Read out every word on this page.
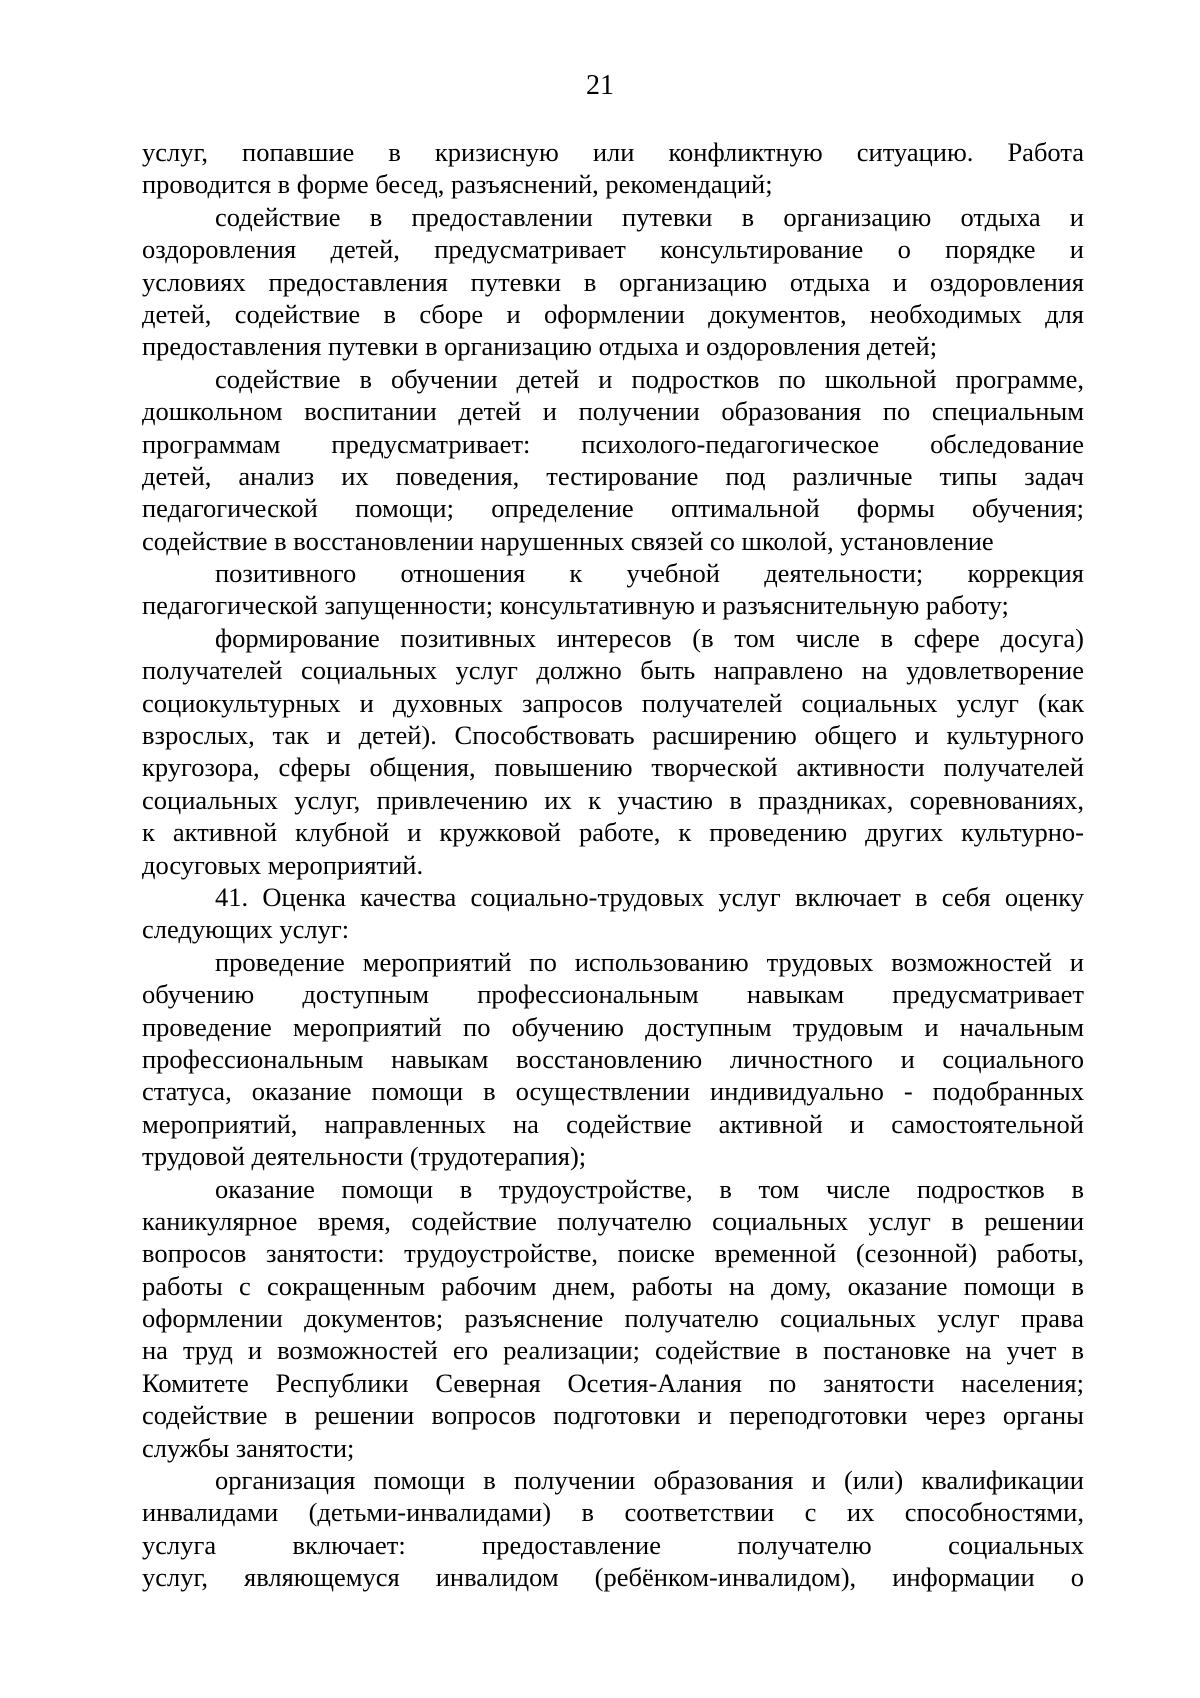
21
услуг, попавшие в кризисную или конфликтную ситуацию. Работа
проводится в форме бесед, разъяснений, рекомендаций;
содействие в предоставлении путевки в организацию отдыха и
оздоровления детей, предусматривает консультирование о порядке и
условиях предоставления путевки в организацию отдыха и оздоровления
детей, содействие в сборе и оформлении документов, необходимых для
предоставления путевки в организацию отдыха и оздоровления детей;
содействие в обучении детей и подростков по школьной программе,
дошкольном воспитании детей и получении образования по специальным
программам предусматривает: психолого-педагогическое обследование
детей, анализ их поведения, тестирование под различные типы задач
педагогической помощи; определение оптимальной формы обучения;
содействие в восстановлении нарушенных связей со школой, установление
позитивного отношения к учебной деятельности; коррекция
педагогической запущенности; консультативную и разъяснительную работу;
формирование позитивных интересов (в том числе в сфере досуга)
получателей социальных услуг должно быть направлено на удовлетворение
социокультурных и духовных запросов получателей социальных услуг (как
взрослых, так и детей). Способствовать расширению общего и культурного
кругозора, сферы общения, повышению творческой активности получателей
социальных услуг, привлечению их к участию в праздниках, соревнованиях,
к активной клубной и кружковой работе, к проведению других культурно-
досуговых мероприятий.
41. Оценка качества социально-трудовых услуг включает в себя оценку
следующих услуг:
проведение мероприятий по использованию трудовых возможностей и
обучению доступным профессиональным навыкам предусматривает
проведение мероприятий по обучению доступным трудовым и начальным
профессиональным навыкам восстановлению личностного и социального
статуса, оказание помощи в осуществлении индивидуально - подобранных
мероприятий, направленных на содействие активной и самостоятельной
трудовой деятельности (трудотерапия);
оказание помощи в трудоустройстве, в том числе подростков в
каникулярное время, содействие получателю социальных услуг в решении
вопросов занятости: трудоустройстве, поиске временной (сезонной) работы,
работы с сокращенным рабочим днем, работы на дому, оказание помощи в
оформлении документов; разъяснение получателю социальных услуг права
на труд и возможностей его реализации; содействие в постановке на учет в
Комитете Республики Северная Осетия-Алания по занятости населения;
содействие в решении вопросов подготовки и переподготовки через органы
службы занятости;
организация помощи в получении образования и (или) квалификации
инвалидами (детьми-инвалидами) в соответствии с их способностями,
услуга включает: предоставление получателю социальных
услуг, являющемуся инвалидом (ребёнком-инвалидом), информации о
